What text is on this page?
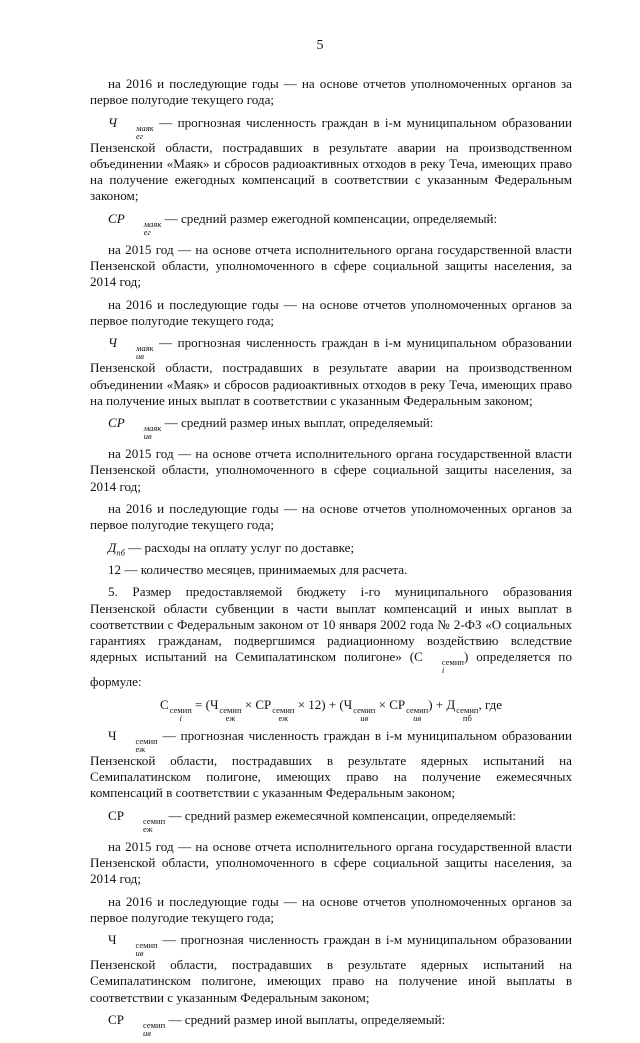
5

на 2016 и последующие годы — на основе отчетов уполномоченных органов за первое полугодие текущего года;

Ч	маяк
ег
— прогнозная численность граждан в i-м муниципальном образовании Пензенской области, пострадавших в результате аварии на производственном объединении «Маяк» и сбросов радиоактивных отходов в реку Теча, имеющих право на получение ежегодных компенсаций в соответствии с указанным Федеральным законом;

СР	маяк
ег
— средний размер ежегодной компенсации, определяемый:

на 2015 год — на основе отчета исполнительного органа государственной власти Пензенской области, уполномоченного в сфере социальной защиты населения, за 2014 год;

на 2016 и последующие годы — на основе отчетов уполномоченных органов за первое полугодие текущего года;

Ч	маяк
ив
— прогнозная численность граждан в i-м муниципальном образовании Пензенской области, пострадавших в результате аварии на производственном объединении «Маяк» и сбросов радиоактивных отходов в реку Теча, имеющих право на получение иных выплат в соответствии с указанным Федеральным законом;

СР	маяк
ив
— средний размер иных выплат, определяемый:

на 2015 год — на основе отчета исполнительного органа государственной власти Пензенской области, уполномоченного в сфере социальной защиты населения, за 2014 год;

на 2016 и последующие годы — на основе отчетов уполномоченных органов за первое полугодие текущего года;

$Д_{пб}$ — расходы на оплату услуг по доставке;

12 — количество месяцев, принимаемых для расчета.

5. Размер предоставляемой бюджету i-го муниципального образования Пензенской области субвенции в части выплат компенсаций и иных выплат в соответствии с Федеральным законом от 10 января 2002 года № 2-ФЗ «О социальных гарантиях гражданам, подвергшимся радиационному воздействию вследствие ядерных испытаний на Семипалатинском полигоне» (С	семип
i
) определяется по формуле:

С семип
i
= (Ч семип
еж
× СР семип
еж
× 12) + (Ч семип
ив
× СР семип
ив
) + Д семип
пб
, где

Ч	семип
еж
— прогнозная численность граждан в i-м муниципальном образовании Пензенской области, пострадавших в результате ядерных испытаний на Семипалатинском полигоне, имеющих право на получение ежемесячных компенсаций в соответствии с указанным Федеральным законом;

СР	семип
еж
— средний размер ежемесячной компенсации, определяемый:

на 2015 год — на основе отчета исполнительного органа государственной власти Пензенской области, уполномоченного в сфере социальной защиты населения, за 2014 год;

на 2016 и последующие годы — на основе отчетов уполномоченных органов за первое полугодие текущего года;

Ч	семип
ив
— прогнозная численность граждан в i-м муниципальном образовании Пензенской области, пострадавших в результате ядерных испытаний на Семипалатинском полигоне, имеющих право на получение иной выплаты в соответствии с указанным Федеральным законом;

СР	семип
ив
— средний размер иной выплаты, определяемый:
